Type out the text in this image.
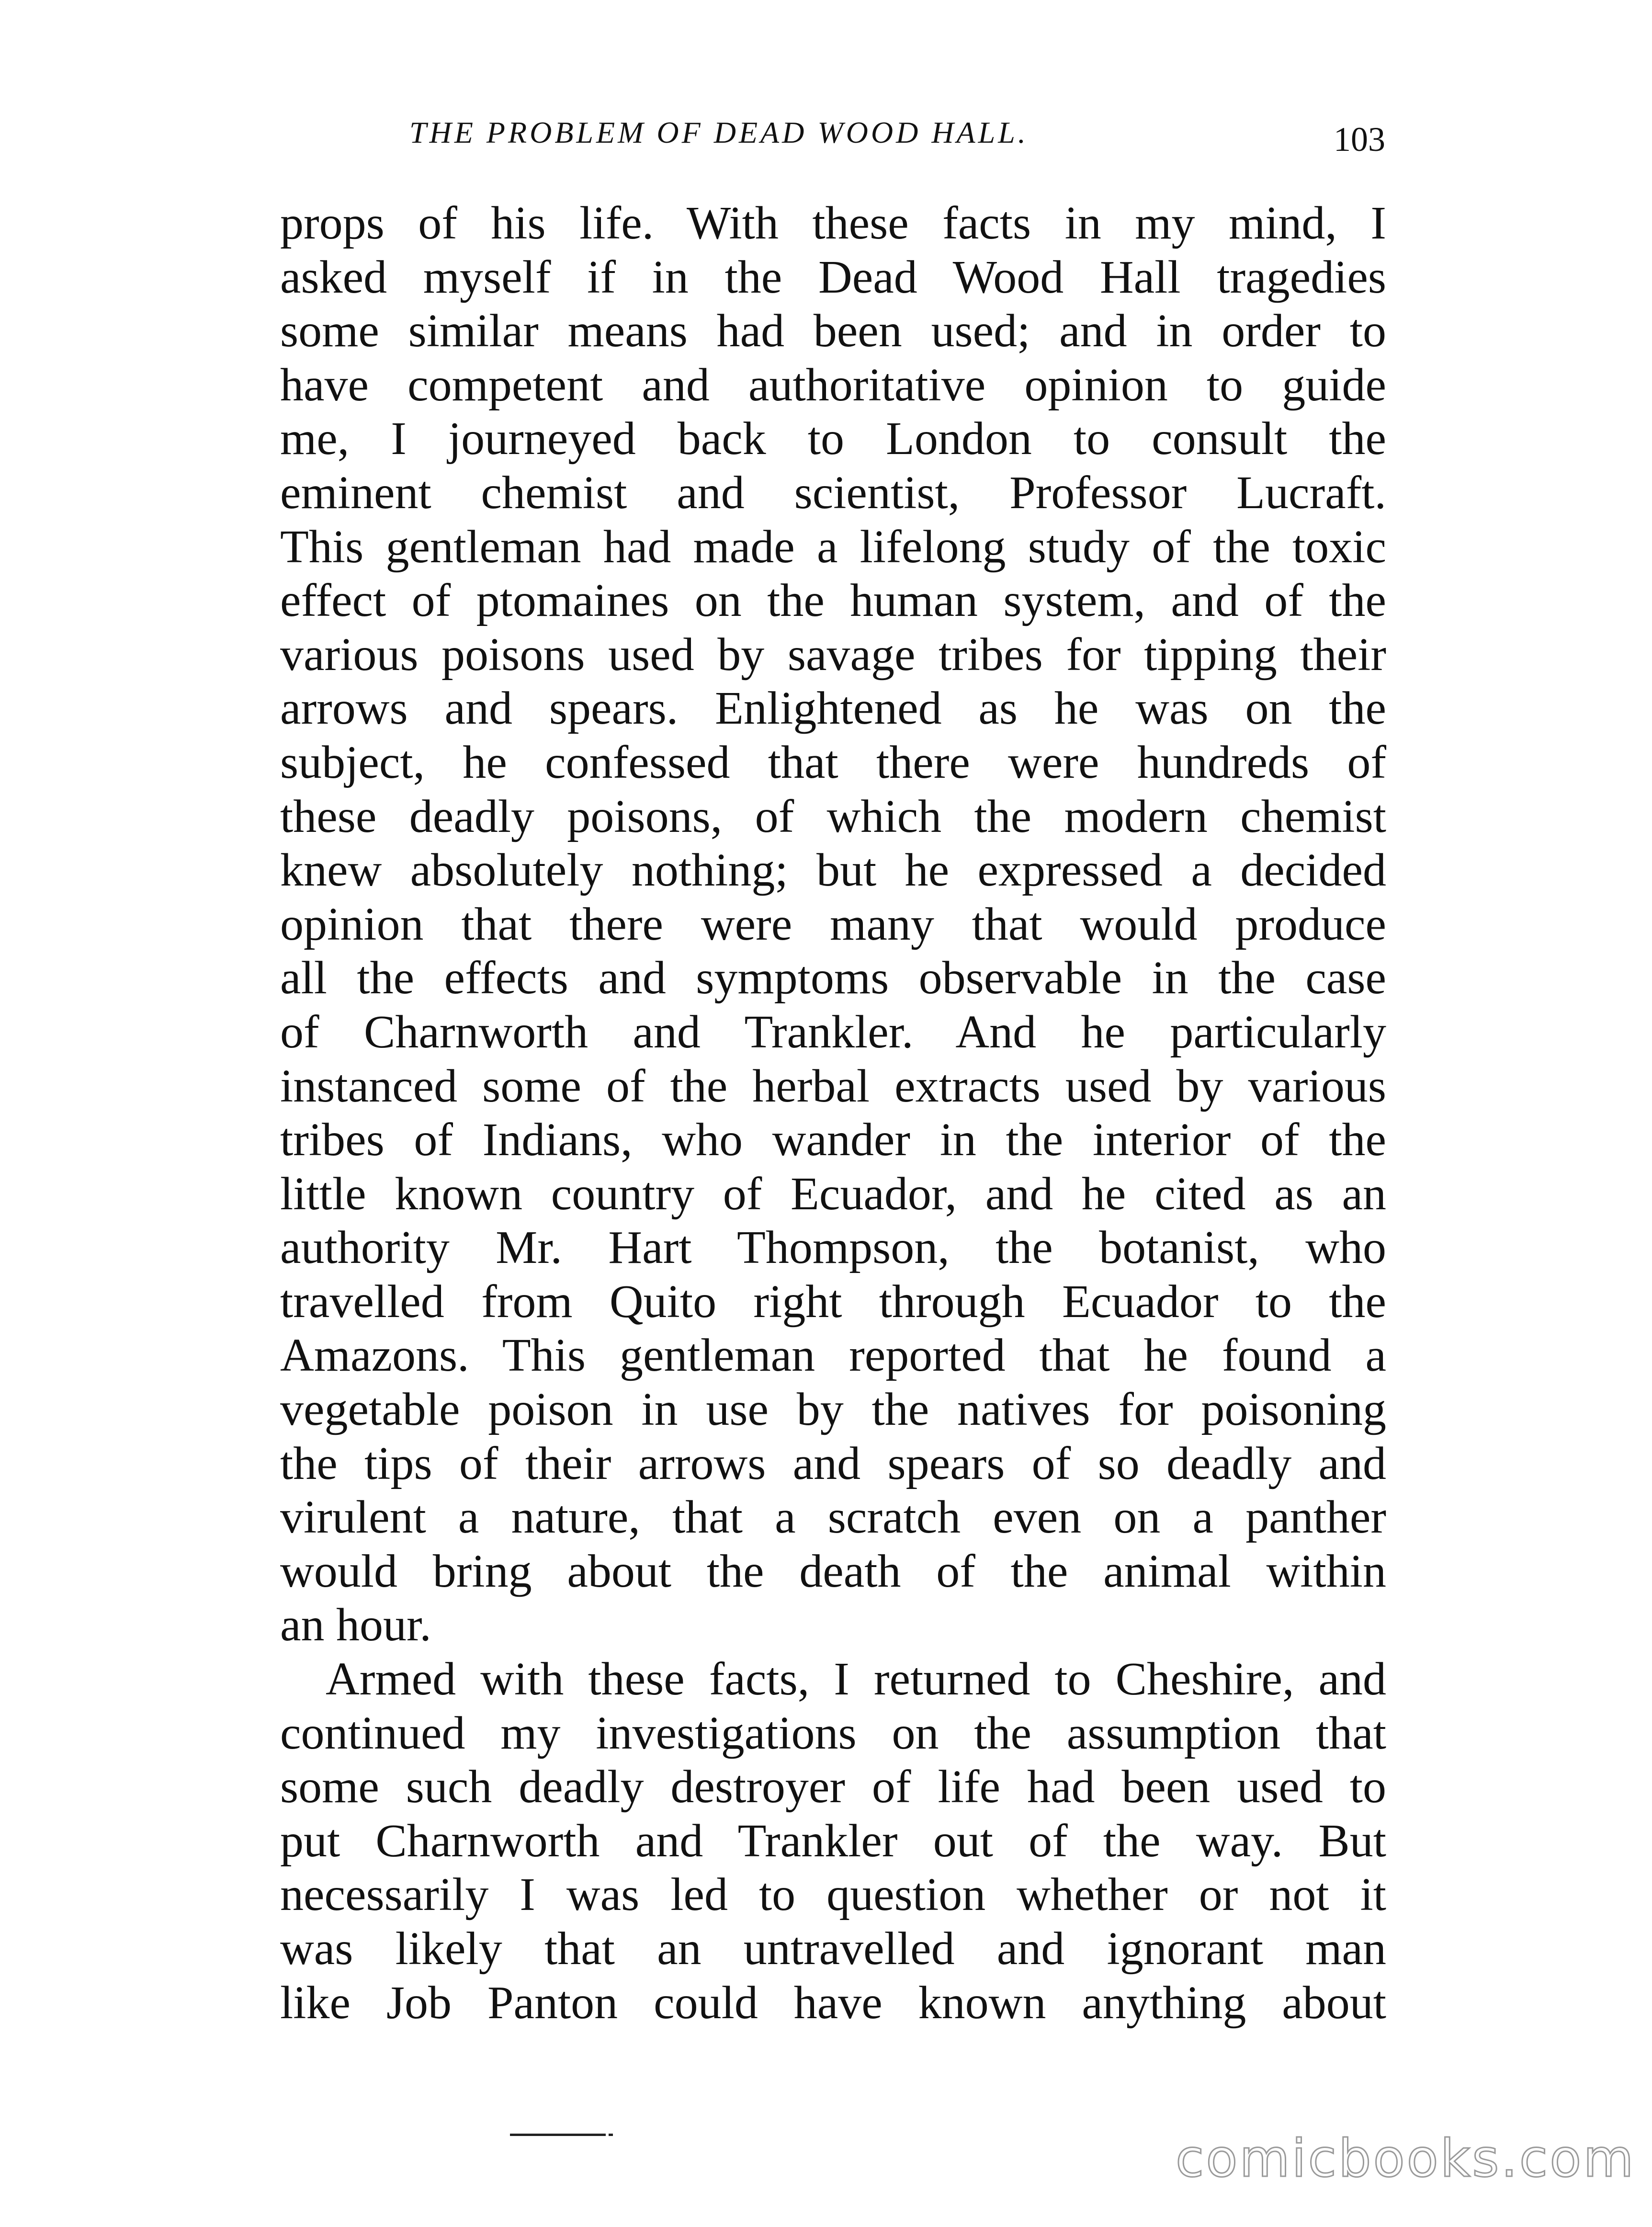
THE PROBLEM OF DEAD WOOD HALL.	103
props of his life. With these facts in my mind, I
asked myself if in the Dead Wood Hall tragedies
some similar means had been used; and in order to
have competent and authoritative opinion to guide
me, I journeyed back to London to consult the
eminent chemist and scientist, Professor Lucraft.
This gentleman had made a lifelong study of the toxic
effect of ptomaines on the human system, and of the
various poisons used by savage tribes for tipping their
arrows and spears. Enlightened as he was on the
subject, he confessed that there were hundreds of
these deadly poisons, of which the modern chemist
knew absolutely nothing; but he expressed a decided
opinion that there were many that would produce
all the effects and symptoms observable in the case
of Charnworth and Trankler. And he particularly
instanced some of the herbal extracts used by various
tribes of Indians, who wander in the interior of the
little known country of Ecuador, and he cited as an
authority Mr. Hart Thompson, the botanist, who
travelled from Quito right through Ecuador to the
Amazons. This gentleman reported that he found a
vegetable poison in use by the natives for poisoning
the tips of their arrows and spears of so deadly and
virulent a nature, that a scratch even on a panther
would bring about the death of the animal within
an hour.
Armed with these facts, I returned to Cheshire, and
continued my investigations on the assumption that
some such deadly destroyer of life had been used to
put Charnworth and Trankler out of the way. But
necessarily I was led to question whether or not it
was likely that an untravelled and ignorant man
like Job Panton could have known anything about
comicbooks.com
